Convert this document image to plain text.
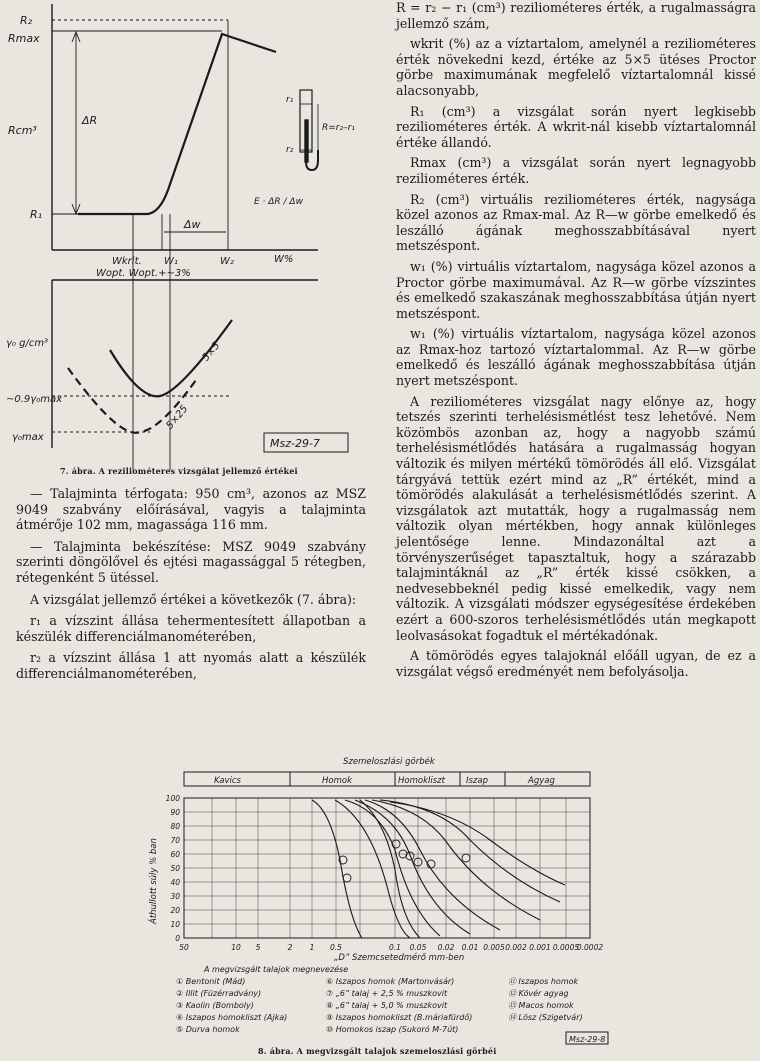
R₂
Rmax
Rcm³
R₁
ΔR
Δw
Wkrit. W₁	W₂	W%
Wopt. Wopt.+~3%
E · ΔR / Δw
r₁
r₂
R=r₂–r₁
γ₀ g/cm³
~0.9γ₀max
γ₀max
5×5
5×25
Msz-29-7
7. ábra. A reziliométeres vizsgálat jellemző értékei

R = r₂ − r₁ (cm³) reziliométeres érték, a rugalmasságra jellemző szám,

wkrit (%) az a víztartalom, amelynél a reziliométeres érték növekedni kezd, értéke az 5×5 ütéses Proctor görbe maximumának megfelelő víztartalomnál kissé alacsonyabb,

R₁ (cm³) a vizsgálat során nyert legkisebb reziliométeres érték. A wkrit-nál kisebb víztartalomnál értéke állandó.

Rmax (cm³) a vizsgálat során nyert legnagyobb reziliométeres érték.

R₂ (cm³) virtuális reziliométeres érték, nagysága közel azonos az Rmax-mal. Az R—w görbe emelkedő és leszálló ágának meghosszabbításával nyert metszéspont.

w₁ (%) virtuális víztartalom, nagysága közel azonos a Proctor görbe maximumával. Az R—w görbe vízszintes és emelkedő szakaszának meghosszabbítása útján nyert metszéspont.

w₁ (%) virtuális víztartalom, nagysága közel azonos az Rmax-hoz tartozó víztartalommal. Az R—w görbe emelkedő és leszálló ágának meghosszabbítása útján nyert metszéspont.

A reziliométeres vizsgálat nagy előnye az, hogy tetszés szerinti terhelésismétlést tesz lehetővé. Nem közömbös azonban az, hogy a nagyobb számú terhelésismétlődés hatására a rugalmasság hogyan változik és milyen mértékű tömörödés áll elő. Vizsgálat tárgyává tettük ezért mind az „R” értékét, mind a tömörödés alakulását a terhelésismétlődés szerint. A vizsgálatok azt mutatták, hogy a rugalmasság nem változik olyan mértékben, hogy annak különleges jelentősége lenne. Mindazonáltal azt a törvényszerűséget tapasztaltuk, hogy a szárazabb talajmintáknál az „R” érték kissé csökken, a nedvesebbeknél pedig kissé emelkedik, vagy nem változik. A vizsgálati módszer egységesítése érdekében ezért a 600-szoros terhelésismétlődés után megkapott leolvasásokat fogadtuk el mértékadónak.

A tömörödés egyes talajoknál előáll ugyan, de ez a vizsgálat végső eredményét nem befolyásolja.

— Talajminta térfogata: 950 cm³, azonos az MSZ 9049 szabvány előírásával, vagyis a talajminta átmérője 102 mm, magassága 116 mm.

— Talajminta bekészítése: MSZ 9049 szabvány szerinti döngölővel és ejtési magassággal 5 rétegben, rétegenként 5 ütéssel.

A vizsgálat jellemző értékei a következők (7. ábra):

r₁ a vízszint állása tehermentesített állapotban a készülék differenciálmanométerében,

r₂ a vízszint állása 1 att nyomás alatt a készülék differenciálmanométerében,

Szemeloszlási görbék
Kavics	Homok	Homokliszt Iszap	Agyag
Áthullott súly % ban
100
90
80
70
60
50
40
30
20
10
0
50	10 5	2 1 0.5	0.1 0.05 0.02 0.01 0.005 0.002 0.001 0.0005
0.0002
„D” Szemcsetedmérő mm-ben
A megvizsgált talajok megnevezése
① Bentonit (Mád)
② Illit (Füzérradvány)
③ Kaolin (Bomboly)
④ Iszapos homokliszt (Ajka)
⑤ Durva homok
⑥ Iszapos homok (Martonvásár)
⑦ „6” talaj + 2,5 % muszkovit
⑧ „6” talaj + 5,0 % muszkovit
⑨ Iszapos homokliszt (B.máriafürdő)
⑩ Homokos iszap (Sukoró M-7út)
⑪ Iszapos homok
⑫ Kövér agyag
⑬ Macos homok
⑭ Lösz (Szigetvár)
Msz-29-8
8. ábra. A megvizsgált talajok szemeloszlási görbéi
